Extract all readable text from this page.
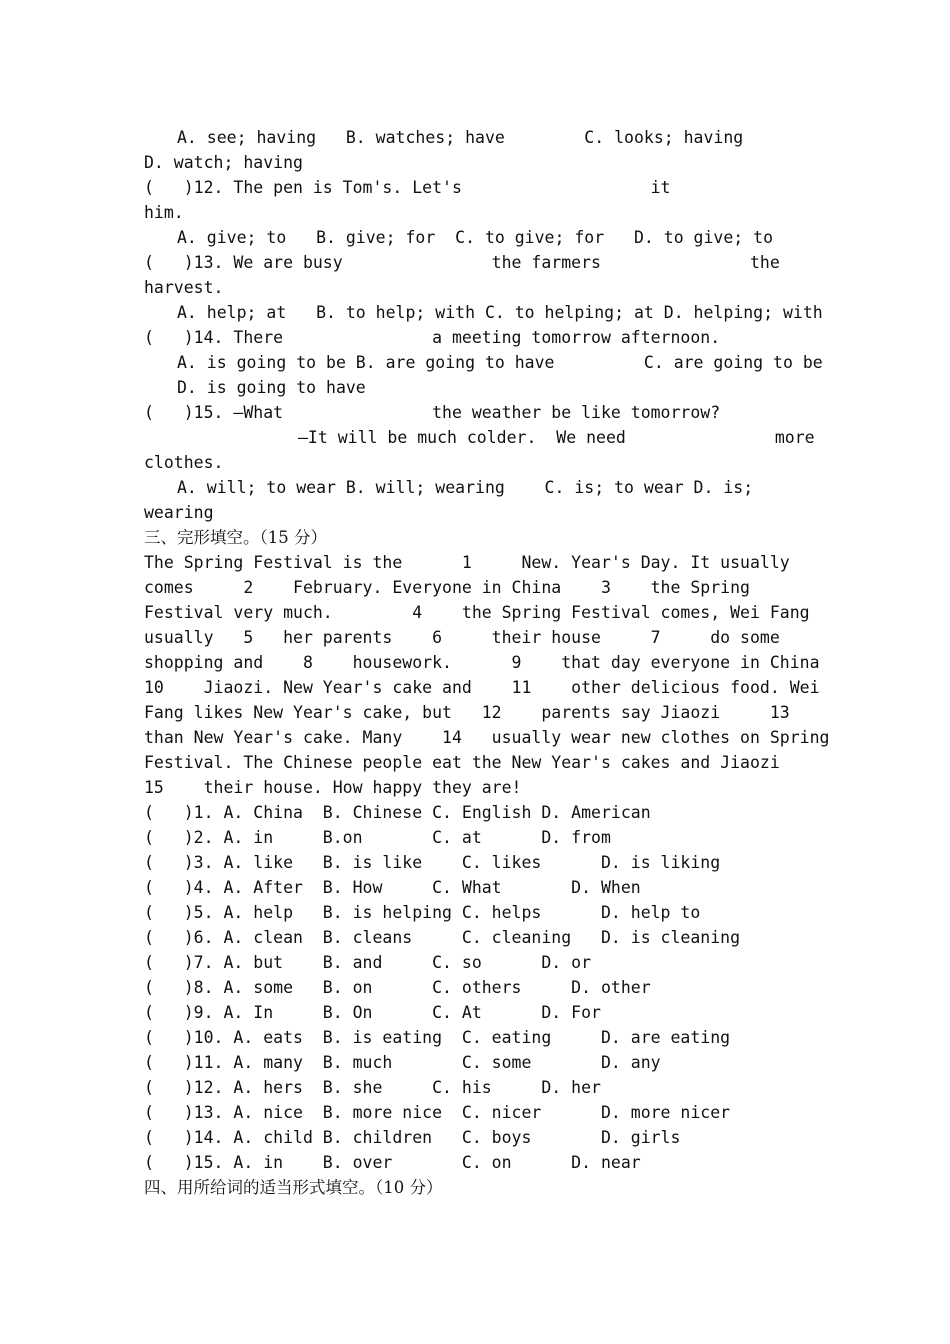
A. see; having   B. watches; have        C. looks; having
D. watch; having
(   )12. The pen is Tom's. Let's                   it
him.
A. give; to   B. give; for  C. to give; for   D. to give; to
(   )13. We are busy               the farmers               the
harvest.
A. help; at   B. to help; with C. to helping; at D. helping; with
(   )14. There               a meeting tomorrow afternoon.
A. is going to be B. are going to have         C. are going to be
D. is going to have
(   )15. —What               the weather be like tomorrow?
—It will be much colder.  We need               more
clothes.
A. will; to wear B. will; wearing    C. is; to wear D. is;
wearing
三、完形填空。（15 分）
The Spring Festival is the      1     New. Year's Day. It usually
comes     2    February. Everyone in China    3    the Spring
Festival very much.        4    the Spring Festival comes, Wei Fang
usually   5   her parents    6     their house     7     do some
shopping and    8    housework.      9    that day everyone in China
10    Jiaozi. New Year's cake and    11    other delicious food. Wei
Fang likes New Year's cake, but   12    parents say Jiaozi     13
than New Year's cake. Many    14   usually wear new clothes on Spring
Festival. The Chinese people eat the New Year's cakes and Jiaozi
15    their house. How happy they are!
(   )1. A. China  B. Chinese C. English D. American
(   )2. A. in     B.on       C. at      D. from
(   )3. A. like   B. is like    C. likes      D. is liking
(   )4. A. After  B. How     C. What       D. When
(   )5. A. help   B. is helping C. helps      D. help to
(   )6. A. clean  B. cleans     C. cleaning   D. is cleaning
(   )7. A. but    B. and     C. so      D. or
(   )8. A. some   B. on      C. others     D. other
(   )9. A. In     B. On      C. At      D. For
(   )10. A. eats  B. is eating  C. eating     D. are eating
(   )11. A. many  B. much       C. some       D. any
(   )12. A. hers  B. she     C. his     D. her
(   )13. A. nice  B. more nice  C. nicer      D. more nicer
(   )14. A. child B. children   C. boys       D. girls
(   )15. A. in    B. over       C. on      D. near
四、用所给词的适当形式填空。（10 分）
